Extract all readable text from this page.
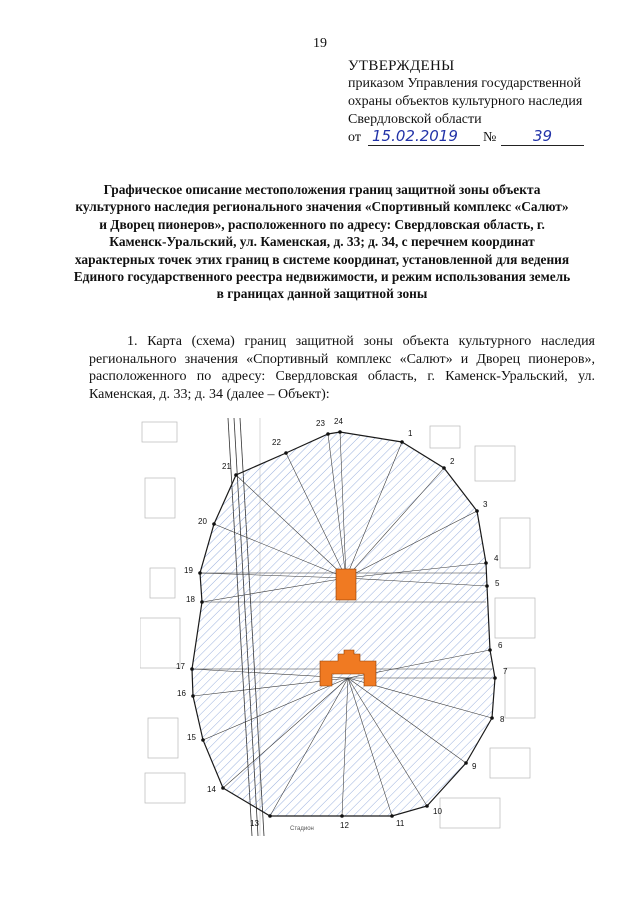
19
УТВЕРЖДЕНЫ
приказом Управления государственной
охраны объектов культурного наследия
Свердловской области
от 15.02.2019 № 39
Графическое описание местоположения границ защитной зоны объекта культурного наследия регионального значения «Спортивный комплекс «Салют» и Дворец пионеров», расположенного по адресу: Свердловская область, г. Каменск-Уральский, ул. Каменская, д. 33; д. 34, с перечнем координат характерных точек этих границ в системе координат, установленной для ведения Единого государственного реестра недвижимости, и режим использования земель в границах данной защитной зоны
1. Карта (схема) границ защитной зоны объекта культурного наследия регионального значения «Спортивный комплекс «Салют» и Дворец пионеров», расположенного по адресу: Свердловская область, г. Каменск-Уральский, ул. Каменская, д. 33; д. 34 (далее – Объект):
1
2
3
4
5
6
7
8
9
10
11
12
13
14
15
16
17
18
19
20
21
22
23 24
Стадион
